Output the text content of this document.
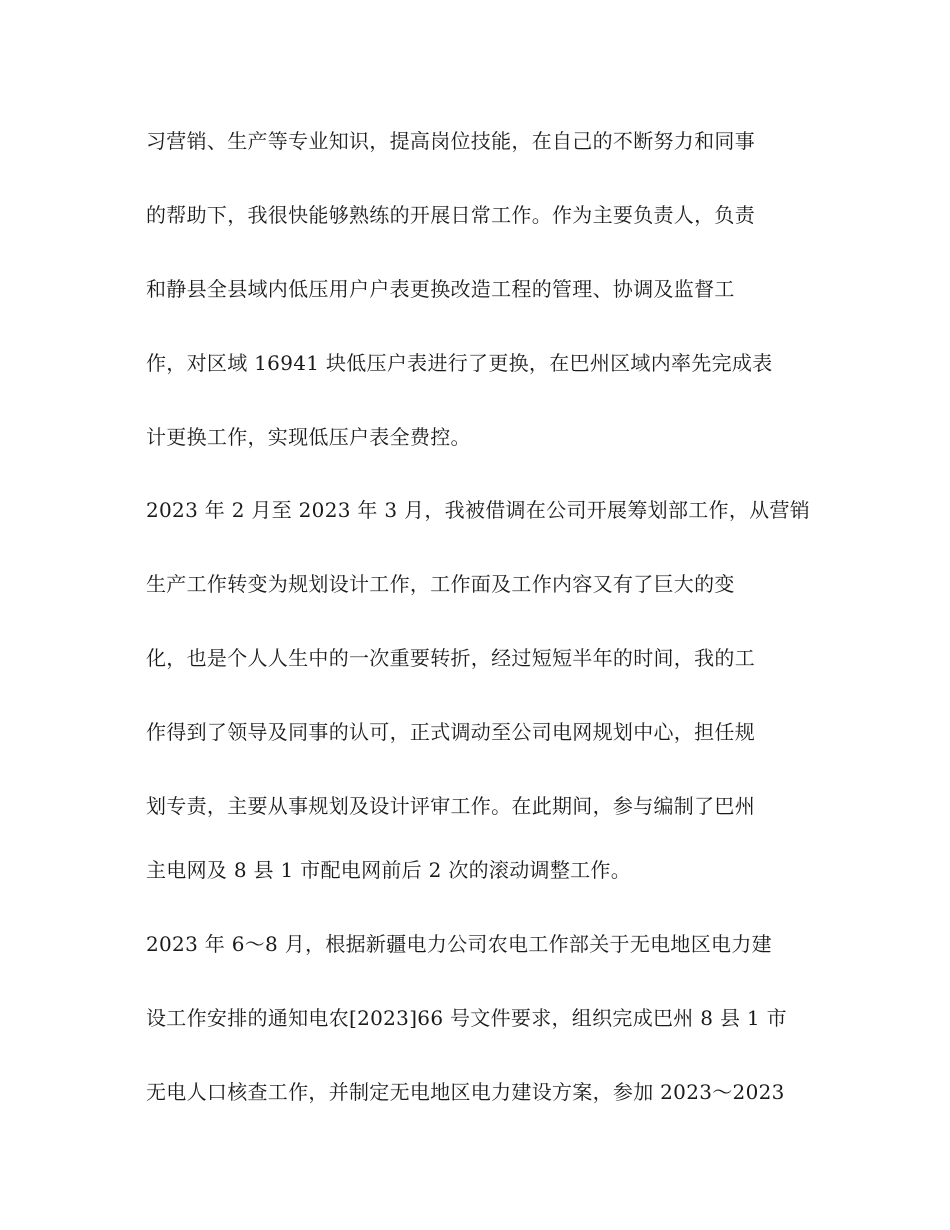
习营销、生产等专业知识，提高岗位技能，在自己的不断努力和同事
的帮助下，我很快能够熟练的开展日常工作。作为主要负责人，负责
和静县全县域内低压用户户表更换改造工程的管理、协调及监督工
作，对区域 16941 块低压户表进行了更换，在巴州区域内率先完成表
计更换工作，实现低压户表全费控。
2023 年 2 月至 2023 年 3 月，我被借调在公司开展筹划部工作，从营销
生产工作转变为规划设计工作，工作面及工作内容又有了巨大的变
化，也是个人人生中的一次重要转折，经过短短半年的时间，我的工
作得到了领导及同事的认可，正式调动至公司电网规划中心，担任规
划专责，主要从事规划及设计评审工作。在此期间，参与编制了巴州
主电网及 8 县 1 市配电网前后 2 次的滚动调整工作。
2023 年 6～8 月，根据新疆电力公司农电工作部关于无电地区电力建
设工作安排的通知电农[2023]66 号文件要求，组织完成巴州 8 县 1 市
无电人口核查工作，并制定无电地区电力建设方案，参加 2023～2023
